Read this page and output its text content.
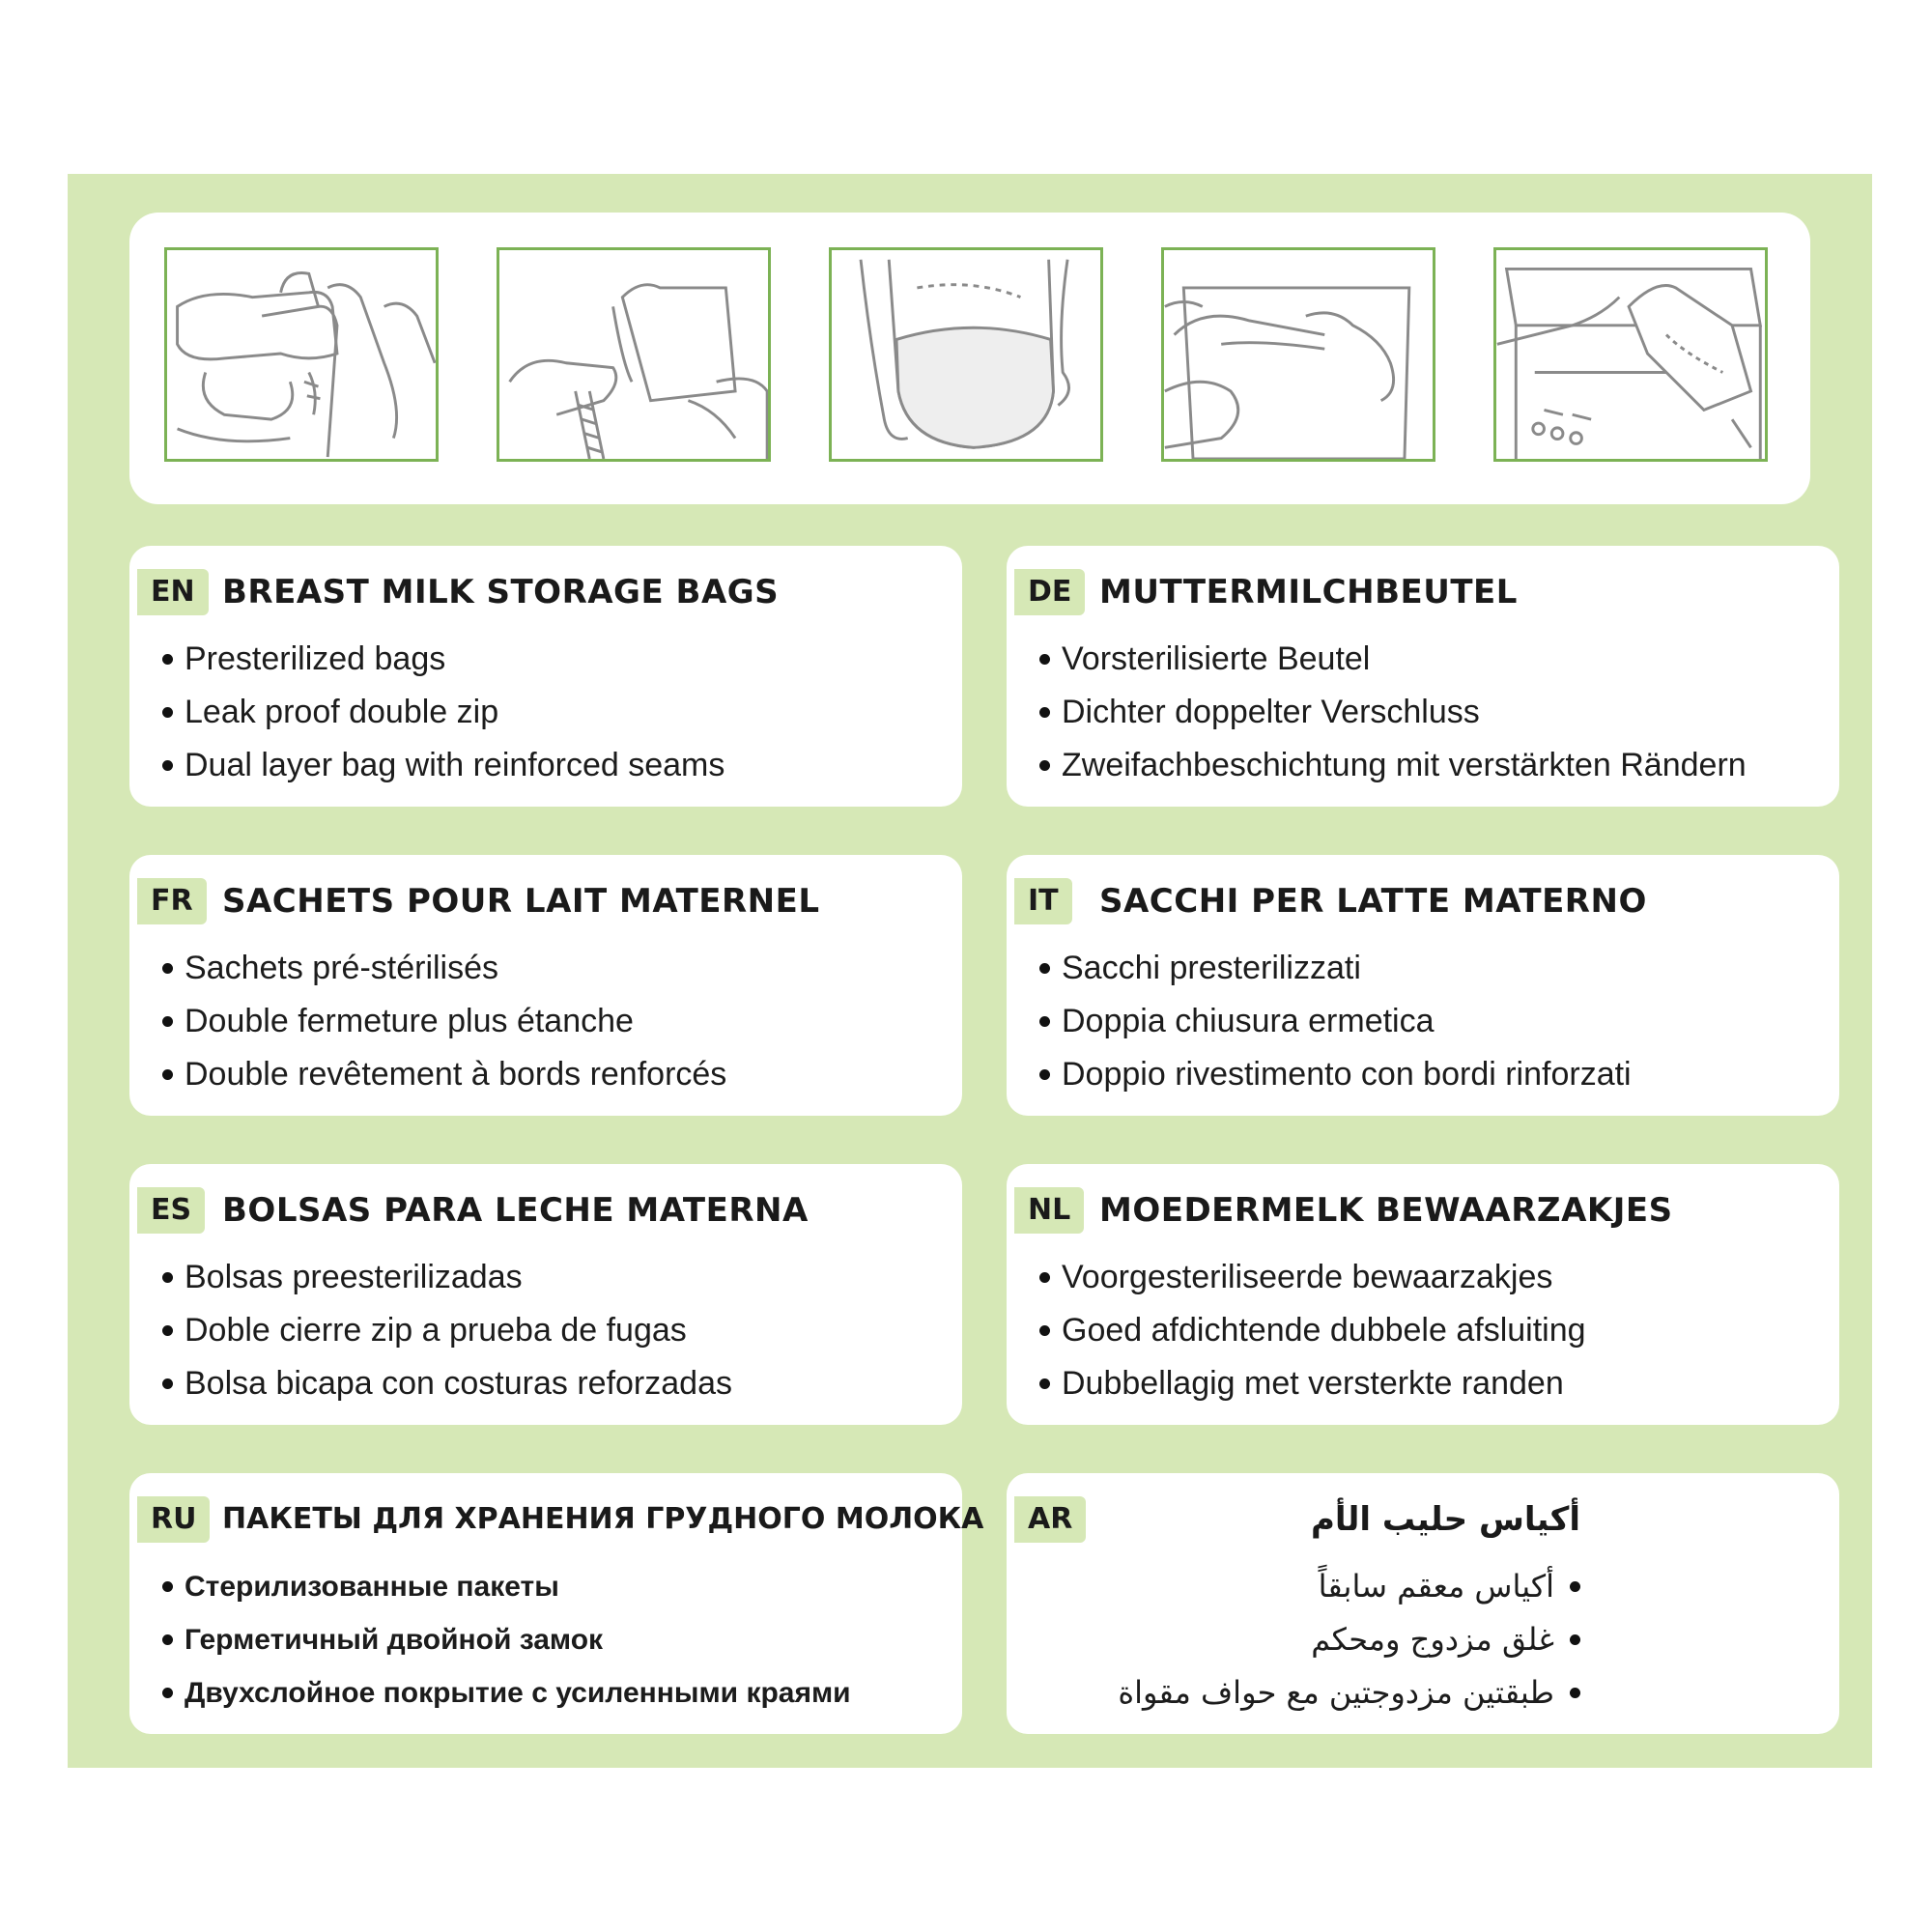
EN BREAST MILK STORAGE BAGS
Presterilized bags
Leak proof double zip
Dual layer bag with reinforced seams
DE MUTTERMILCHBEUTEL
Vorsterilisierte Beutel
Dichter doppelter Verschluss
Zweifachbeschichtung mit verstärkten Rändern
FR SACHETS POUR LAIT MATERNEL
Sachets pré-stérilisés
Double fermeture plus étanche
Double revêtement à bords renforcés
IT	SACCHI PER LATTE MATERNO
Sacchi presterilizzati
Doppia chiusura ermetica
Doppio rivestimento con bordi rinforzati
ES BOLSAS PARA LECHE MATERNA
Bolsas preesterilizadas
Doble cierre zip a prueba de fugas
Bolsa bicapa con costuras reforzadas
NL MOEDERMELK BEWAARZAKJES
Voorgesteriliseerde bewaarzakjes
Goed afdichtende dubbele afsluiting
Dubbellagig met versterkte randen
RU ПАКЕТЫ ДЛЯ ХРАНЕНИЯ ГРУДНОГО МОЛОКА
Стерилизованные пакеты
Герметичный двойной замок
Двухслойное покрытие с усиленными краями
AR	أكياس حليب الأم
أكياس معقم سابقاً
غلق مزدوج ومحكم
طبقتين مزدوجتين مع حواف مقواة
